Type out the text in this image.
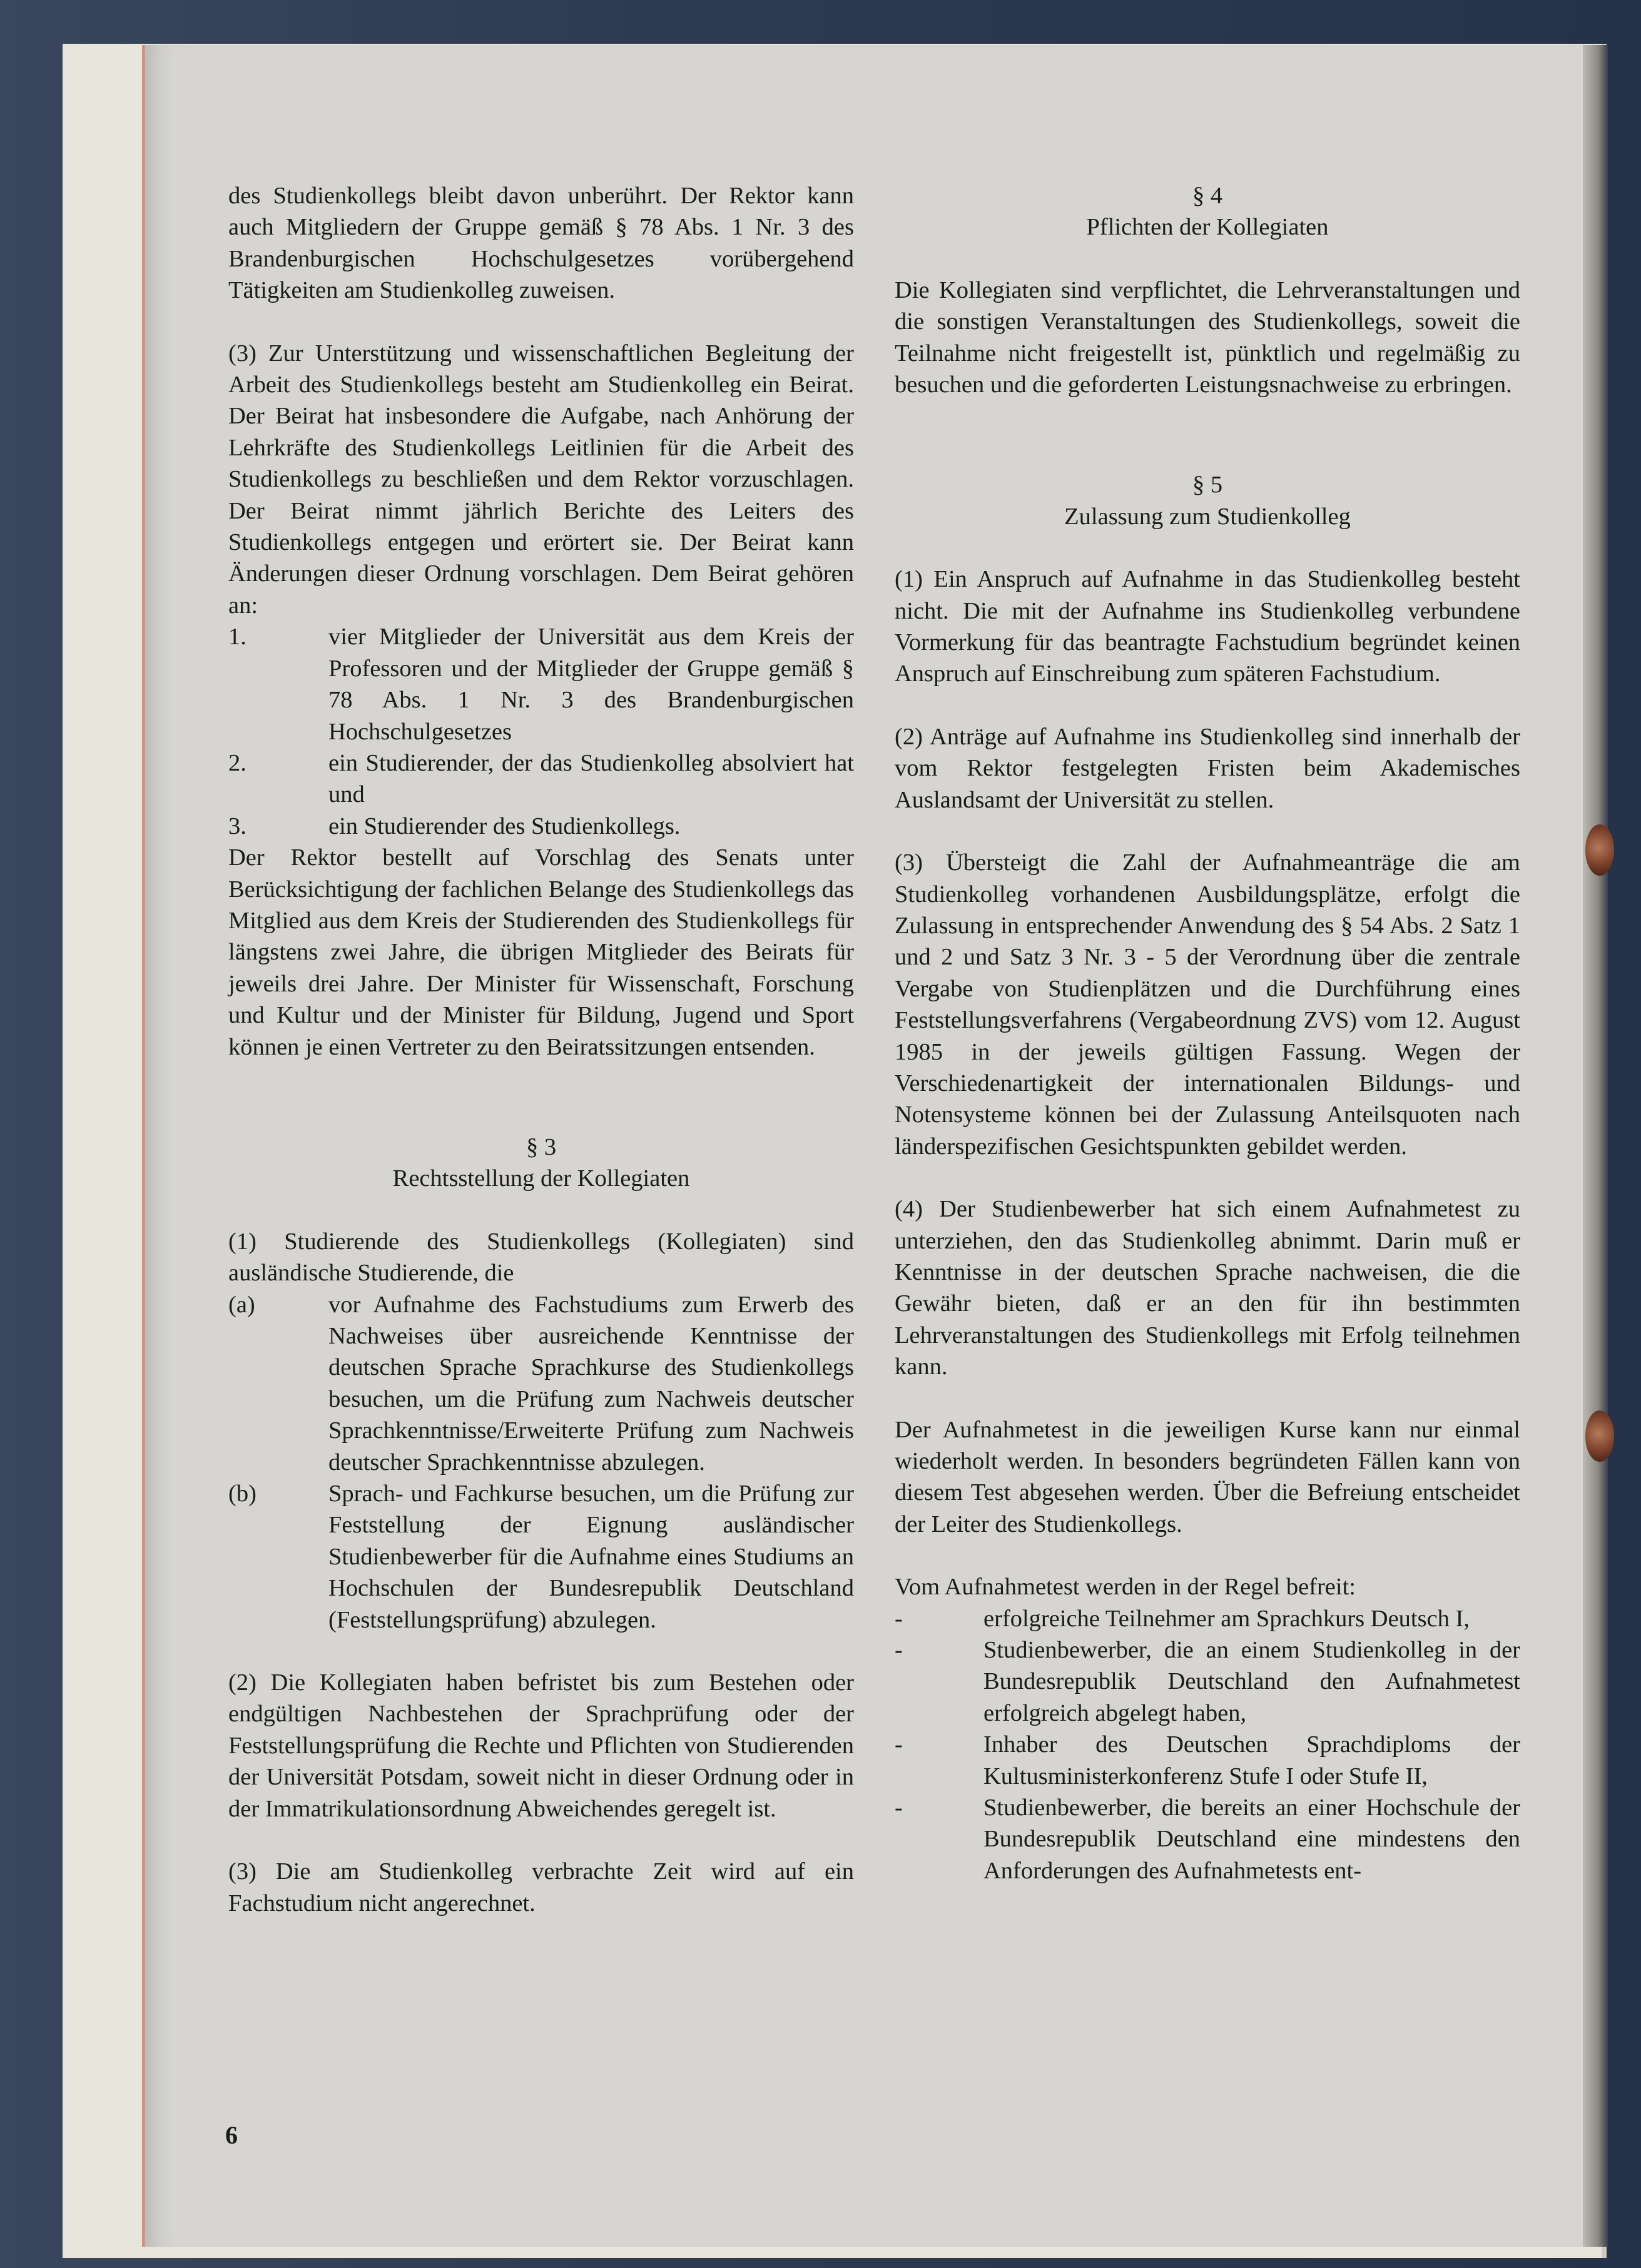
des Studienkollegs bleibt davon unberührt. Der Rektor kann auch Mitgliedern der Gruppe gemäß § 78 Abs. 1 Nr. 3 des Brandenburgischen Hochschulgesetzes vorübergehend Tätigkeiten am Studienkolleg zuweisen.

(3) Zur Unterstützung und wissenschaftlichen Begleitung der Arbeit des Studienkollegs besteht am Studienkolleg ein Beirat. Der Beirat hat insbesondere die Aufgabe, nach Anhörung der Lehrkräfte des Studienkollegs Leitlinien für die Arbeit des Studienkollegs zu beschließen und dem Rektor vorzuschlagen. Der Beirat nimmt jährlich Berichte des Leiters des Studienkollegs entgegen und erörtert sie. Der Beirat kann Änderungen dieser Ordnung vorschlagen. Dem Beirat gehören an:

1.	vier Mitglieder der Universität aus dem Kreis der Professoren und der Mitglieder der Gruppe gemäß § 78 Abs. 1 Nr. 3 des Brandenburgischen Hochschulgesetzes
2.	ein Studierender, der das Studienkolleg absolviert hat und
3.	ein Studierender des Studienkollegs.

Der Rektor bestellt auf Vorschlag des Senats unter Berücksichtigung der fachlichen Belange des Studienkollegs das Mitglied aus dem Kreis der Studierenden des Studienkollegs für längstens zwei Jahre, die übrigen Mitglieder des Beirats für jeweils drei Jahre. Der Minister für Wissenschaft, Forschung und Kultur und der Minister für Bildung, Jugend und Sport können je einen Vertreter zu den Beiratssitzungen entsenden.

§ 3

Rechtsstellung der Kollegiaten

(1) Studierende des Studienkollegs (Kollegiaten) sind ausländische Studierende, die

(a)	vor Aufnahme des Fachstudiums zum Erwerb des Nachweises über ausreichende Kenntnisse der deutschen Sprache Sprachkurse des Studienkollegs besuchen, um die Prüfung zum Nachweis deutscher Sprachkenntnisse/Erweiterte Prüfung zum Nachweis deutscher Sprachkenntnisse abzulegen.
(b)	Sprach- und Fachkurse besuchen, um die Prüfung zur Feststellung der Eignung ausländischer Studienbewerber für die Aufnahme eines Studiums an Hochschulen der Bundesrepublik Deutschland (Feststellungsprüfung) abzulegen.

(2) Die Kollegiaten haben befristet bis zum Bestehen oder endgültigen Nachbestehen der Sprachprüfung oder der Feststellungsprüfung die Rechte und Pflichten von Studierenden der Universität Potsdam, soweit nicht in dieser Ordnung oder in der Immatrikulationsordnung Abweichendes geregelt ist.

(3) Die am Studienkolleg verbrachte Zeit wird auf ein Fachstudium nicht angerechnet.

§ 4

Pflichten der Kollegiaten

Die Kollegiaten sind verpflichtet, die Lehrveranstaltungen und die sonstigen Veranstaltungen des Studienkollegs, soweit die Teilnahme nicht freigestellt ist, pünktlich und regelmäßig zu besuchen und die geforderten Leistungsnachweise zu erbringen.

§ 5

Zulassung zum Studienkolleg

(1) Ein Anspruch auf Aufnahme in das Studienkolleg besteht nicht. Die mit der Aufnahme ins Studienkolleg verbundene Vormerkung für das beantragte Fachstudium begründet keinen Anspruch auf Einschreibung zum späteren Fachstudium.

(2) Anträge auf Aufnahme ins Studienkolleg sind innerhalb der vom Rektor festgelegten Fristen beim Akademisches Auslandsamt der Universität zu stellen.

(3) Übersteigt die Zahl der Aufnahmeanträge die am Studienkolleg vorhandenen Ausbildungsplätze, erfolgt die Zulassung in entsprechender Anwendung des § 54 Abs. 2 Satz 1 und 2 und Satz 3 Nr. 3 - 5 der Verordnung über die zentrale Vergabe von Studienplätzen und die Durchführung eines Feststellungsverfahrens (Vergabeordnung ZVS) vom 12. August 1985 in der jeweils gültigen Fassung. Wegen der Verschiedenartigkeit der internationalen Bildungs- und Notensysteme können bei der Zulassung Anteilsquoten nach länderspezifischen Gesichtspunkten gebildet werden.

(4) Der Studienbewerber hat sich einem Aufnahmetest zu unterziehen, den das Studienkolleg abnimmt. Darin muß er Kenntnisse in der deutschen Sprache nachweisen, die die Gewähr bieten, daß er an den für ihn bestimmten Lehrveranstaltungen des Studienkollegs mit Erfolg teilnehmen kann.

Der Aufnahmetest in die jeweiligen Kurse kann nur einmal wiederholt werden. In besonders begründeten Fällen kann von diesem Test abgesehen werden. Über die Befreiung entscheidet der Leiter des Studienkollegs.

Vom Aufnahmetest werden in der Regel befreit:

-	erfolgreiche Teilnehmer am Sprachkurs Deutsch I,
-	Studienbewerber, die an einem Studienkolleg in der Bundesrepublik Deutschland den Aufnahmetest erfolgreich abgelegt haben,
-	Inhaber des Deutschen Sprachdiploms der Kultusministerkonferenz Stufe I oder Stufe II,
-	Studienbewerber, die bereits an einer Hochschule der Bundesrepublik Deutschland eine mindestens den Anforderungen des Aufnahmetests ent-
6
